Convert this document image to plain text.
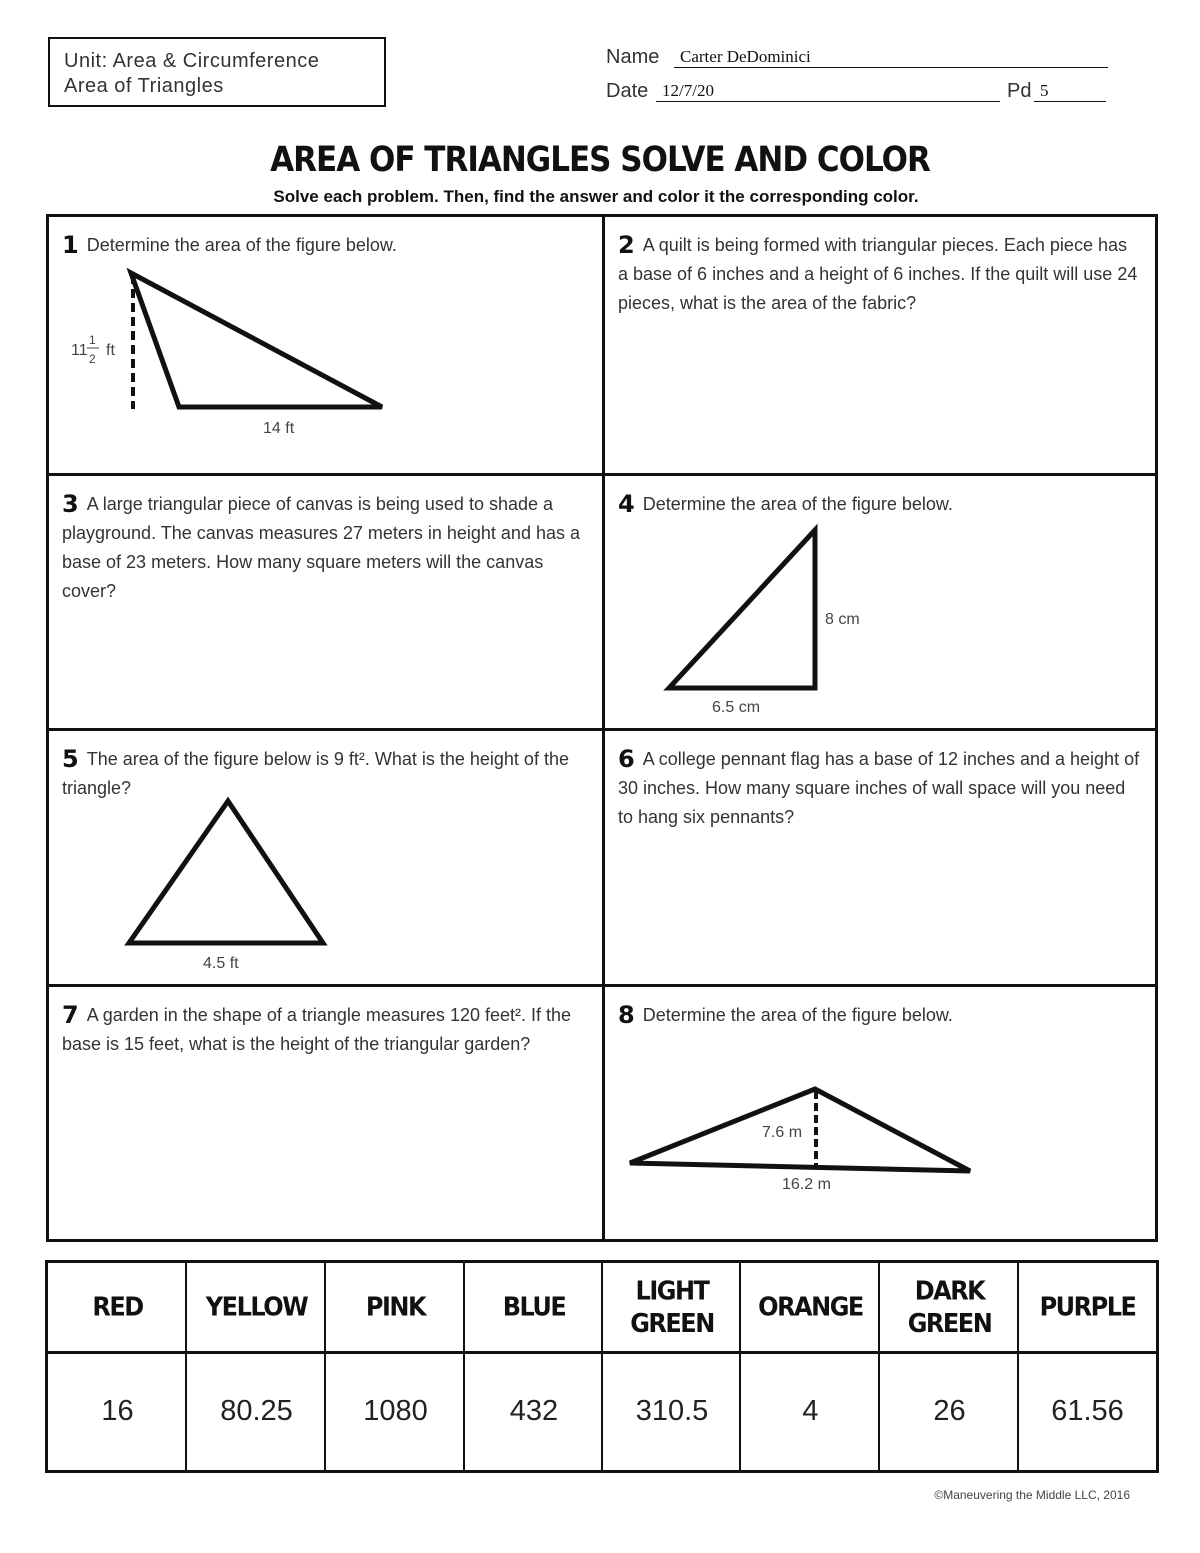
Unit: Area & Circumference
Area of Triangles
Name	Carter DeDominici
Date 12/7/20	Pd 5
AREA OF TRIANGLES SOLVE AND COLOR
Solve each problem. Then, find the answer and color it the corresponding color.
1 Determine the area of the figure below.
11
1
2 ft
14 ft
2 A quilt is being formed with triangular pieces. Each piece has a base of 6 inches and a height of 6 inches. If the quilt will use 24 pieces, what is the area of the fabric?
3 A large triangular piece of canvas is being used to shade a playground. The canvas measures 27 meters in height and has a base of 23 meters. How many square meters will the canvas cover?
4 Determine the area of the figure below.
8 cm
6.5 cm
5 The area of the figure below is 9 ft². What is the height of the triangle?
4.5 ft
6 A college pennant flag has a base of 12 inches and a height of 30 inches. How many square inches of wall space will you need to hang six pennants?
7 A garden in the shape of a triangle measures 120 feet². If the base is 15 feet, what is the height of the triangular garden?
8 Determine the area of the figure below.
7.6 m
16.2 m
RED
16
YELLOW
80.25
PINK
1080
BLUE
432
LIGHT GREEN
310.5
ORANGE
4
DARK GREEN
26
PURPLE
61.56
©Maneuvering the Middle LLC, 2016
